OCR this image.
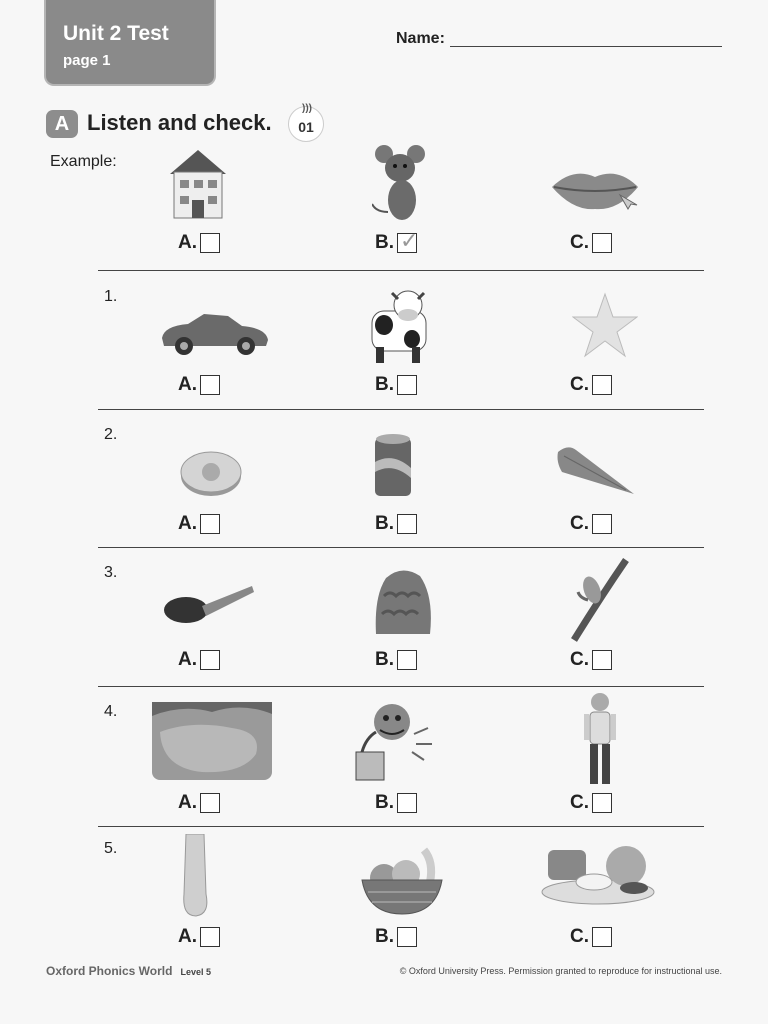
Unit 2 Test
page 1
Name:
A Listen and check.
)))
01
Example:
A.	B. ✓	C.
1.
A.	B.	C.
2.
A.	B.	C.
3.
A.	B.	C.
4.
A.	B.	C.
5.
A.	B.	C.
Oxford Phonics World Level 5	© Oxford University Press. Permission granted to reproduce for instructional use.
